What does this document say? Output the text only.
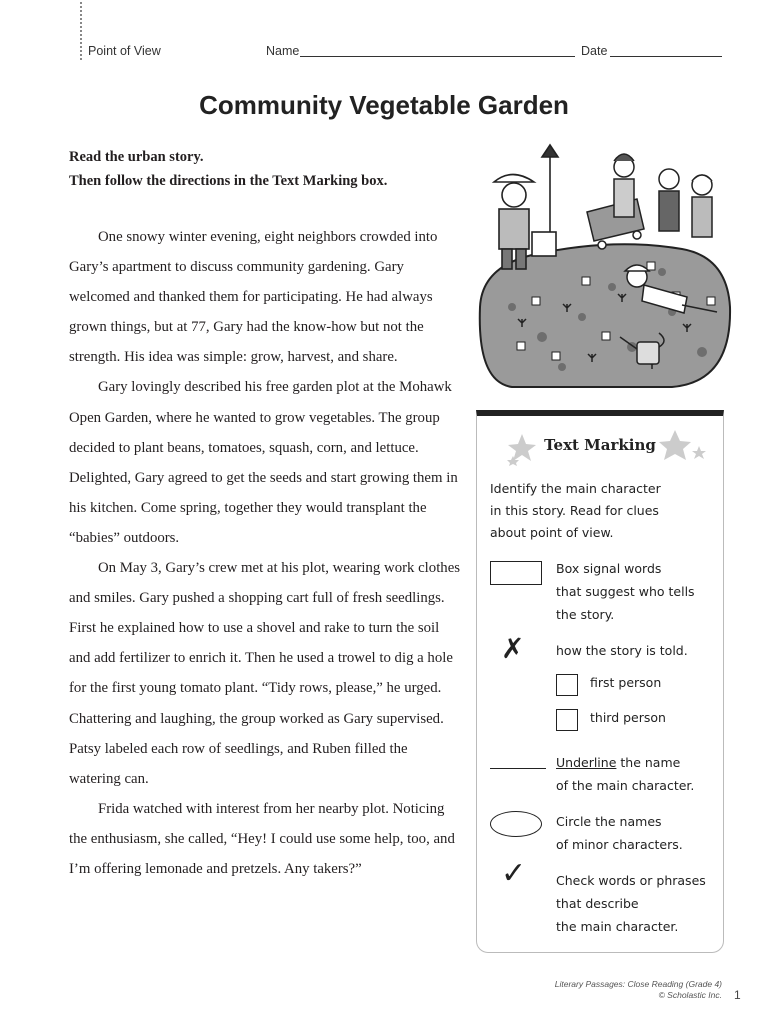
Point of View	Name	Date
Community Vegetable Garden
Read the urban story.
Then follow the directions in the Text Marking box.

One snowy winter evening, eight neighbors crowded into Gary’s apartment to discuss community gardening. Gary welcomed and thanked them for participating. He had always grown things, but at 77, Gary had the know-how but not the strength. His idea was simple: grow, harvest, and share.

Gary lovingly described his free garden plot at the Mohawk Open Garden, where he wanted to grow vegetables. The group decided to plant beans, tomatoes, squash, corn, and lettuce. Delighted, Gary agreed to get the seeds and start growing them in his kitchen. Come spring, together they would transplant the “babies” outdoors.

On May 3, Gary’s crew met at his plot, wearing work clothes and smiles. Gary pushed a shopping cart full of fresh seedlings. First he explained how to use a shovel and rake to turn the soil and add fertilizer to enrich it. Then he used a trowel to dig a hole for the first young tomato plant. “Tidy rows, please,” he urged. Chattering and laughing, the group worked as Gary supervised. Patsy labeled each row of seedlings, and Ruben filled the watering can.

Frida watched with interest from her nearby plot. Noticing the enthusiasm, she called, “Hey! I could use some help, too, and I’m offering lemonade and pretzels. Any takers?”

Text Marking
Identify the main character
in this story. Read for clues
about point of view.
Box signal words
that suggest who tells
the story.
✗	how the story is told.
first person
third person
Underline the name
of the main character.
Circle the names
of minor characters.
✓ Check words or phrases
that describe
the main character.
Literary Passages: Close Reading (Grade 4)
© Scholastic Inc. 1
